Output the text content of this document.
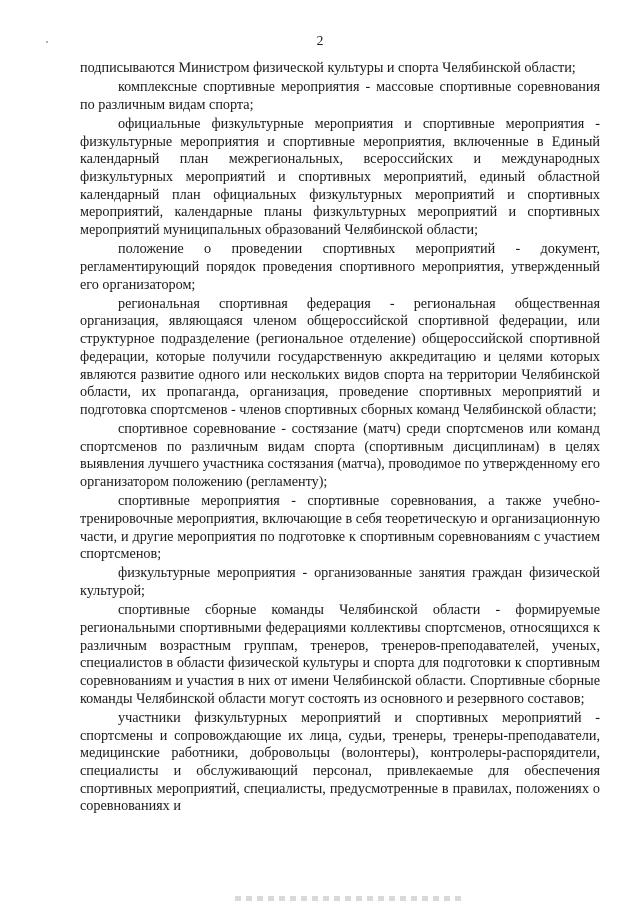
2

подписываются Министром физической культуры и спорта Челябинской области;

комплексные спортивные мероприятия - массовые спортивные соревнования по различным видам спорта;

официальные физкультурные мероприятия и спортивные мероприятия - физкультурные мероприятия и спортивные мероприятия, включенные в Единый календарный план межрегиональных, всероссийских и международных физкультурных мероприятий и спортивных мероприятий, единый областной календарный план официальных физкультурных мероприятий и спортивных мероприятий, календарные планы физкультурных мероприятий и спортивных мероприятий муниципальных образований Челябинской области;

положение о проведении спортивных мероприятий - документ, регламентирующий порядок проведения спортивного мероприятия, утвержденный его организатором;

региональная спортивная федерация - региональная общественная организация, являющаяся членом общероссийской спортивной федерации, или структурное подразделение (региональное отделение) общероссийской спортивной федерации, которые получили государственную аккредитацию и целями которых являются развитие одного или нескольких видов спорта на территории Челябинской области, их пропаганда, организация, проведение спортивных мероприятий и подготовка спортсменов - членов спортивных сборных команд Челябинской области;

спортивное соревнование - состязание (матч) среди спортсменов или команд спортсменов по различным видам спорта (спортивным дисциплинам) в целях выявления лучшего участника состязания (матча), проводимое по утвержденному его организатором положению (регламенту);

спортивные мероприятия - спортивные соревнования, а также учебно-тренировочные мероприятия, включающие в себя теоретическую и организационную части, и другие мероприятия по подготовке к спортивным соревнованиям с участием спортсменов;

физкультурные мероприятия - организованные занятия граждан физической культурой;

спортивные сборные команды Челябинской области - формируемые региональными спортивными федерациями коллективы спортсменов, относящихся к различным возрастным группам, тренеров, тренеров-преподавателей, ученых, специалистов в области физической культуры и спорта для подготовки к спортивным соревнованиям и участия в них от имени Челябинской области. Спортивные сборные команды Челябинской области могут состоять из основного и резервного составов;

участники физкультурных мероприятий и спортивных мероприятий - спортсмены и сопровождающие их лица, судьи, тренеры, тренеры-преподаватели, медицинские работники, добровольцы (волонтеры), контролеры-распорядители, специалисты и обслуживающий персонал, привлекаемые для обеспечения спортивных мероприятий, специалисты, предусмотренные в правилах, положениях о соревнованиях и
